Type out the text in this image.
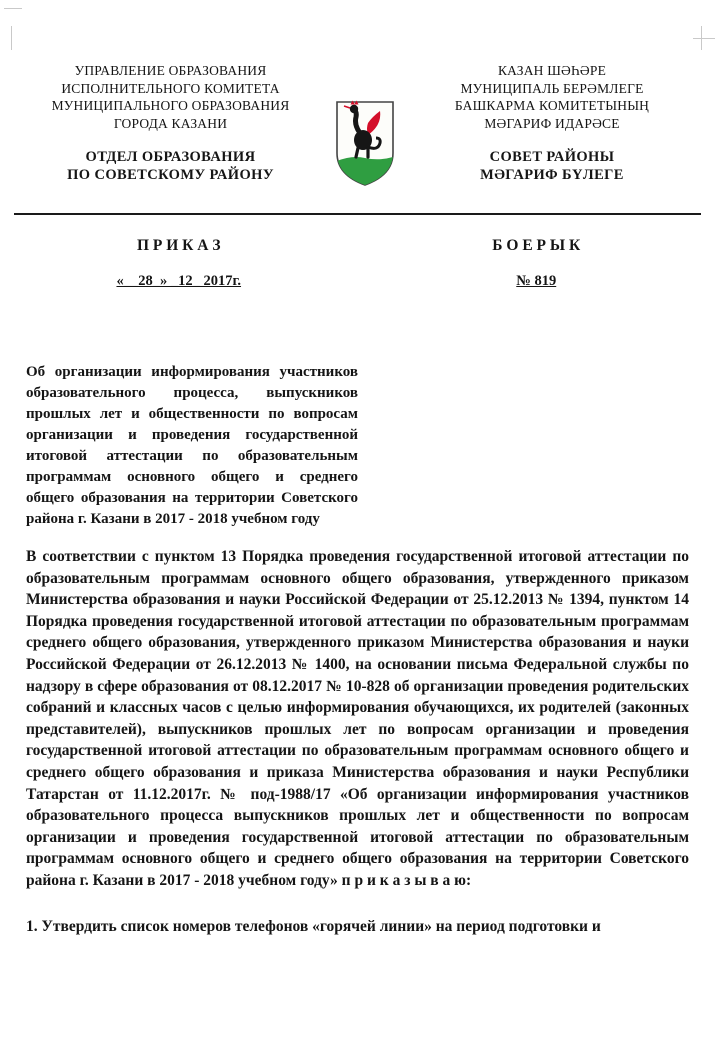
УПРАВЛЕНИЕ ОБРАЗОВАНИЯ

ИСПОЛНИТЕЛЬНОГО КОМИТЕТА

МУНИЦИПАЛЬНОГО ОБРАЗОВАНИЯ

ГОРОДА КАЗАНИ

ОТДЕЛ ОБРАЗОВАНИЯ

ПО СОВЕТСКОМУ РАЙОНУ

КАЗАН ШӘҺӘРЕ

МУНИЦИПАЛЬ БЕРӘМЛЕГЕ

БАШКАРМА КОМИТЕТЫНЫҢ

МӘГАРИФ ИДАРӘСЕ

СОВЕТ РАЙОНЫ

МӘГАРИФ БҮЛЕГЕ

П Р И К А З	Б О Е Р Ы К
«__28_» _12_ 2017г.	№ 819
Об организации информирования участников образовательного процесса, выпускников прошлых лет и общественности по вопросам организации и проведения государственной итоговой аттестации по образовательным программам основного общего и среднего общего образования на территории Советского района г. Казани в 2017 - 2018 учебном году

В соответствии с пунктом 13 Порядка проведения государственной итоговой аттестации по образовательным программам основного общего образования, утвержденного приказом Министерства образования и науки Российской Федерации от 25.12.2013 № 1394, пунктом 14 Порядка проведения государственной итоговой аттестации по образовательным программам среднего общего образования, утвержденного приказом Министерства образования и науки Российской Федерации от 26.12.2013 № 1400, на основании письма Федеральной службы по надзору в сфере образования от 08.12.2017 № 10-828 об организации проведения родительских собраний и классных часов с целью информирования обучающихся, их родителей (законных представителей), выпускников прошлых лет по вопросам организации и проведения государственной итоговой аттестации по образовательным программам основного общего и среднего общего образования и приказа Министерства образования и науки Республики Татарстан от 11.12.2017г. № под-1988/17 «Об организации информирования участников образовательного процесса выпускников прошлых лет и общественности по вопросам организации и проведения государственной итоговой аттестации по образовательным программам основного общего и среднего общего образования на территории Советского района г. Казани в 2017 - 2018 учебном году» п р и к а з ы в а ю:

1. Утвердить список номеров телефонов «горячей линии» на период подготовки и
